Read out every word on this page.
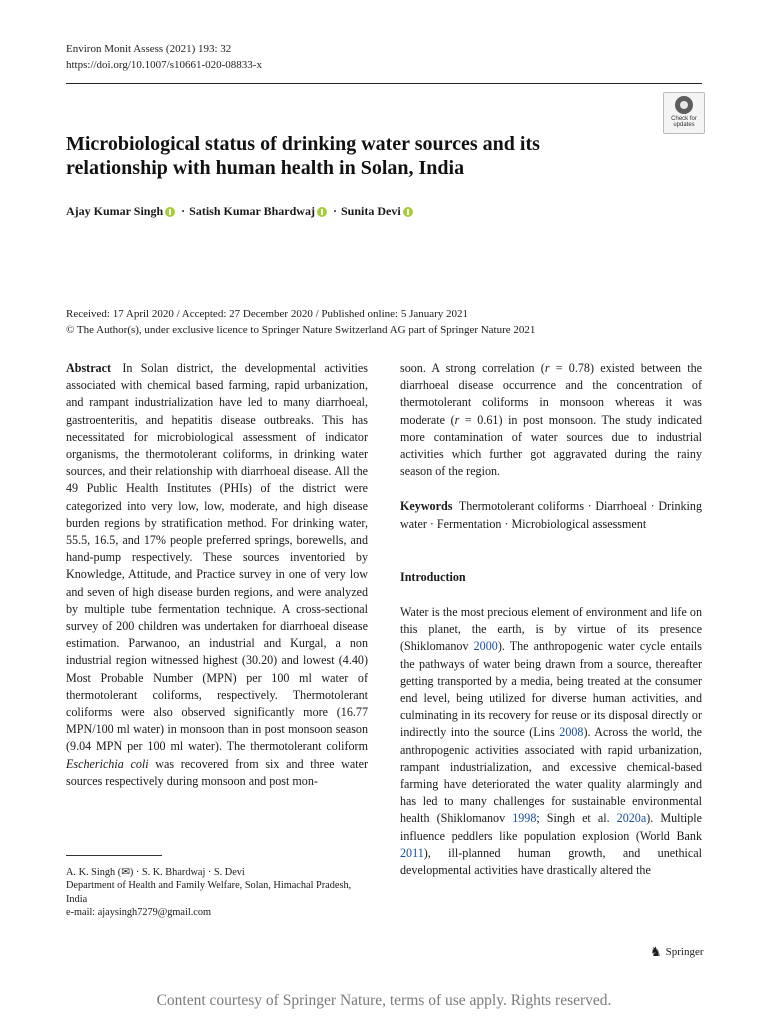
Environ Monit Assess (2021) 193: 32
https://doi.org/10.1007/s10661-020-08833-x
Check for
updates
Microbiological status of drinking water sources and its relationship with human health in Solan, India
Ajay Kumar Singh · Satish Kumar Bhardwaj · Sunita Devi
Received: 17 April 2020 / Accepted: 27 December 2020 / Published online: 5 January 2021
© The Author(s), under exclusive licence to Springer Nature Switzerland AG part of Springer Nature 2021

Abstract In Solan district, the developmental activities associated with chemical based farming, rapid urbanization, and rampant industrialization have led to many diarrhoeal, gastroenteritis, and hepatitis disease outbreaks. This has necessitated for microbiological assessment of indicator organisms, the thermotolerant coliforms, in drinking water sources, and their relationship with diarrhoeal disease. All the 49 Public Health Institutes (PHIs) of the district were categorized into very low, low, moderate, and high disease burden regions by stratification method. For drinking water, 55.5, 16.5, and 17% people preferred springs, borewells, and hand-pump respectively. These sources inventoried by Knowledge, Attitude, and Practice survey in one of very low and seven of high disease burden regions, and were analyzed by multiple tube fermentation technique. A cross-sectional survey of 200 children was undertaken for diarrhoeal disease estimation. Parwanoo, an industrial and Kurgal, a non industrial region witnessed highest (30.20) and lowest (4.40) Most Probable Number (MPN) per 100 ml water of thermotolerant coliforms, respectively. Thermotolerant coliforms were also observed significantly more (16.77 MPN/100 ml water) in monsoon than in post monsoon season (9.04 MPN per 100 ml water). The thermotolerant coliform Escherichia coli was recovered from six and three water sources respectively during monsoon and post mon-

soon. A strong correlation (r = 0.78) existed between the diarrhoeal disease occurrence and the concentration of thermotolerant coliforms in monsoon whereas it was moderate (r = 0.61) in post monsoon. The study indicated more contamination of water sources due to industrial activities which further got aggravated during the rainy season of the region.

Keywords Thermotolerant coliforms · Diarrhoeal · Drinking water · Fermentation · Microbiological assessment

Introduction

Water is the most precious element of environment and life on this planet, the earth, is by virtue of its presence (Shiklomanov 2000). The anthropogenic water cycle entails the pathways of water being drawn from a source, thereafter getting transported by a media, being treated at the consumer end level, being utilized for diverse human activities, and culminating in its recovery for reuse or its disposal directly or indirectly into the source (Lins 2008). Across the world, the anthropogenic activities associated with rapid urbanization, rampant industrialization, and excessive chemical-based farming have deteriorated the water quality alarmingly and has led to many challenges for sustainable environmental health (Shiklomanov 1998; Singh et al. 2020a). Multiple influence peddlers like population explosion (World Bank 2011), ill-planned human growth, and unethical developmental activities have drastically altered the

A. K. Singh (✉) · S. K. Bhardwaj · S. Devi
Department of Health and Family Welfare, Solan, Himachal Pradesh, India
e-mail: ajaysingh7279@gmail.com
♞ Springer
Content courtesy of Springer Nature, terms of use apply. Rights reserved.
